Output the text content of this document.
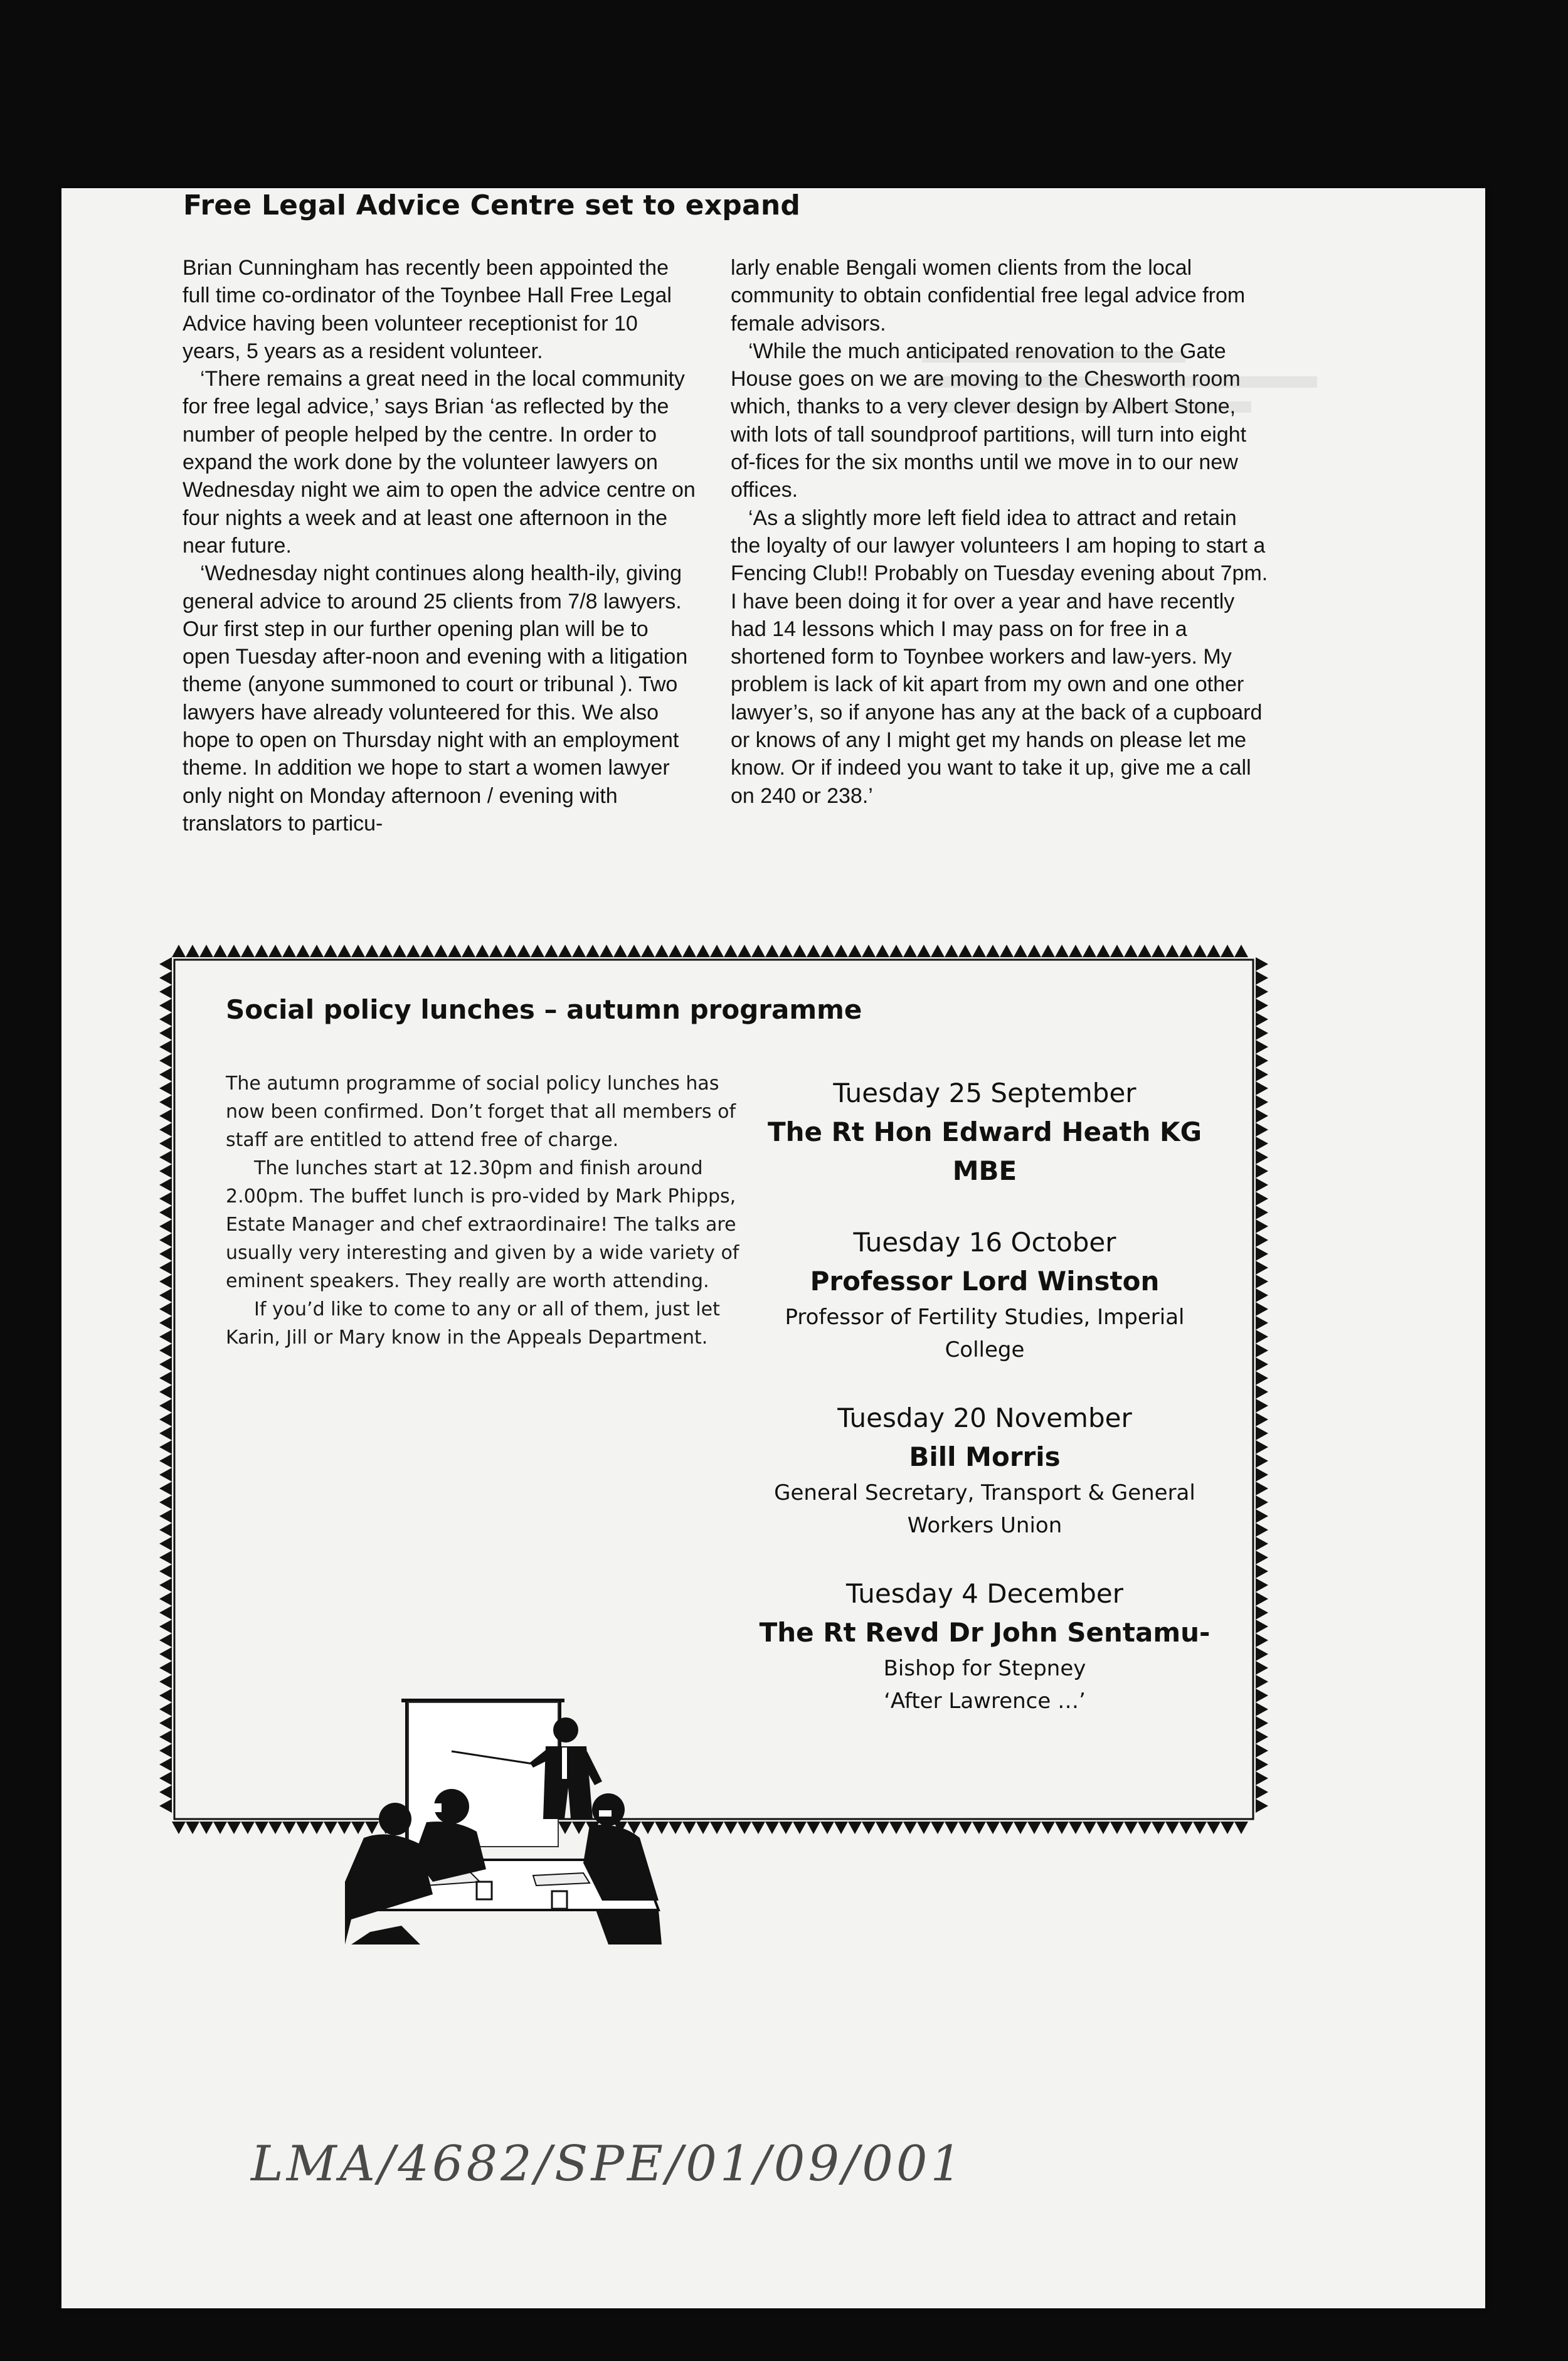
Free Legal Advice Centre set to expand

Brian Cunningham has recently been appointed the full time co-ordinator of the Toynbee Hall Free Legal Advice having been volunteer receptionist for 10 years, 5 years as a resident volunteer.

‘There remains a great need in the local community for free legal advice,’ says Brian ‘as reflected by the number of people helped by the centre. In order to expand the work done by the volunteer lawyers on Wednesday night we aim to open the advice centre on four nights a week and at least one afternoon in the near future.

‘Wednesday night continues along health-ily, giving general advice to around 25 clients from 7/8 lawyers. Our first step in our further opening plan will be to open Tuesday after-noon and evening with a litigation theme (anyone summoned to court or tribunal ). Two lawyers have already volunteered for this. We also hope to open on Thursday night with an employment theme. In addition we hope to start a women lawyer only night on Monday afternoon / evening with translators to particu-

larly enable Bengali women clients from the local community to obtain confidential free legal advice from female advisors.

‘While the much anticipated renovation to the Gate House goes on we are moving to the Chesworth room which, thanks to a very clever design by Albert Stone, with lots of tall soundproof partitions, will turn into eight of-fices for the six months until we move in to our new offices.

‘As a slightly more left field idea to attract and retain the loyalty of our lawyer volunteers I am hoping to start a Fencing Club!! Probably on Tuesday evening about 7pm. I have been doing it for over a year and have recently had 14 lessons which I may pass on for free in a shortened form to Toynbee workers and law-yers. My problem is lack of kit apart from my own and one other lawyer’s, so if anyone has any at the back of a cupboard or knows of any I might get my hands on please let me know. Or if indeed you want to take it up, give me a call on 240 or 238.’

Social policy lunches – autumn programme

The autumn programme of social policy lunches has now been confirmed. Don’t forget that all members of staff are entitled to attend free of charge.

The lunches start at 12.30pm and finish around 2.00pm. The buffet lunch is pro-vided by Mark Phipps, Estate Manager and chef extraordinaire! The talks are usually very interesting and given by a wide variety of eminent speakers. They really are worth attending.

If you’d like to come to any or all of them, just let Karin, Jill or Mary know in the Appeals Department.

Tuesday 25 September
The Rt Hon Edward Heath KG MBE
Tuesday 16 October
Professor Lord Winston
Professor of Fertility Studies, Imperial College
Tuesday 20 November
Bill Morris
General Secretary, Transport & General Workers Union
Tuesday 4 December
The Rt Revd Dr John Sentamu-
Bishop for Stepney
‘After Lawrence …’
LMA/4682/SPE/01/09/001
